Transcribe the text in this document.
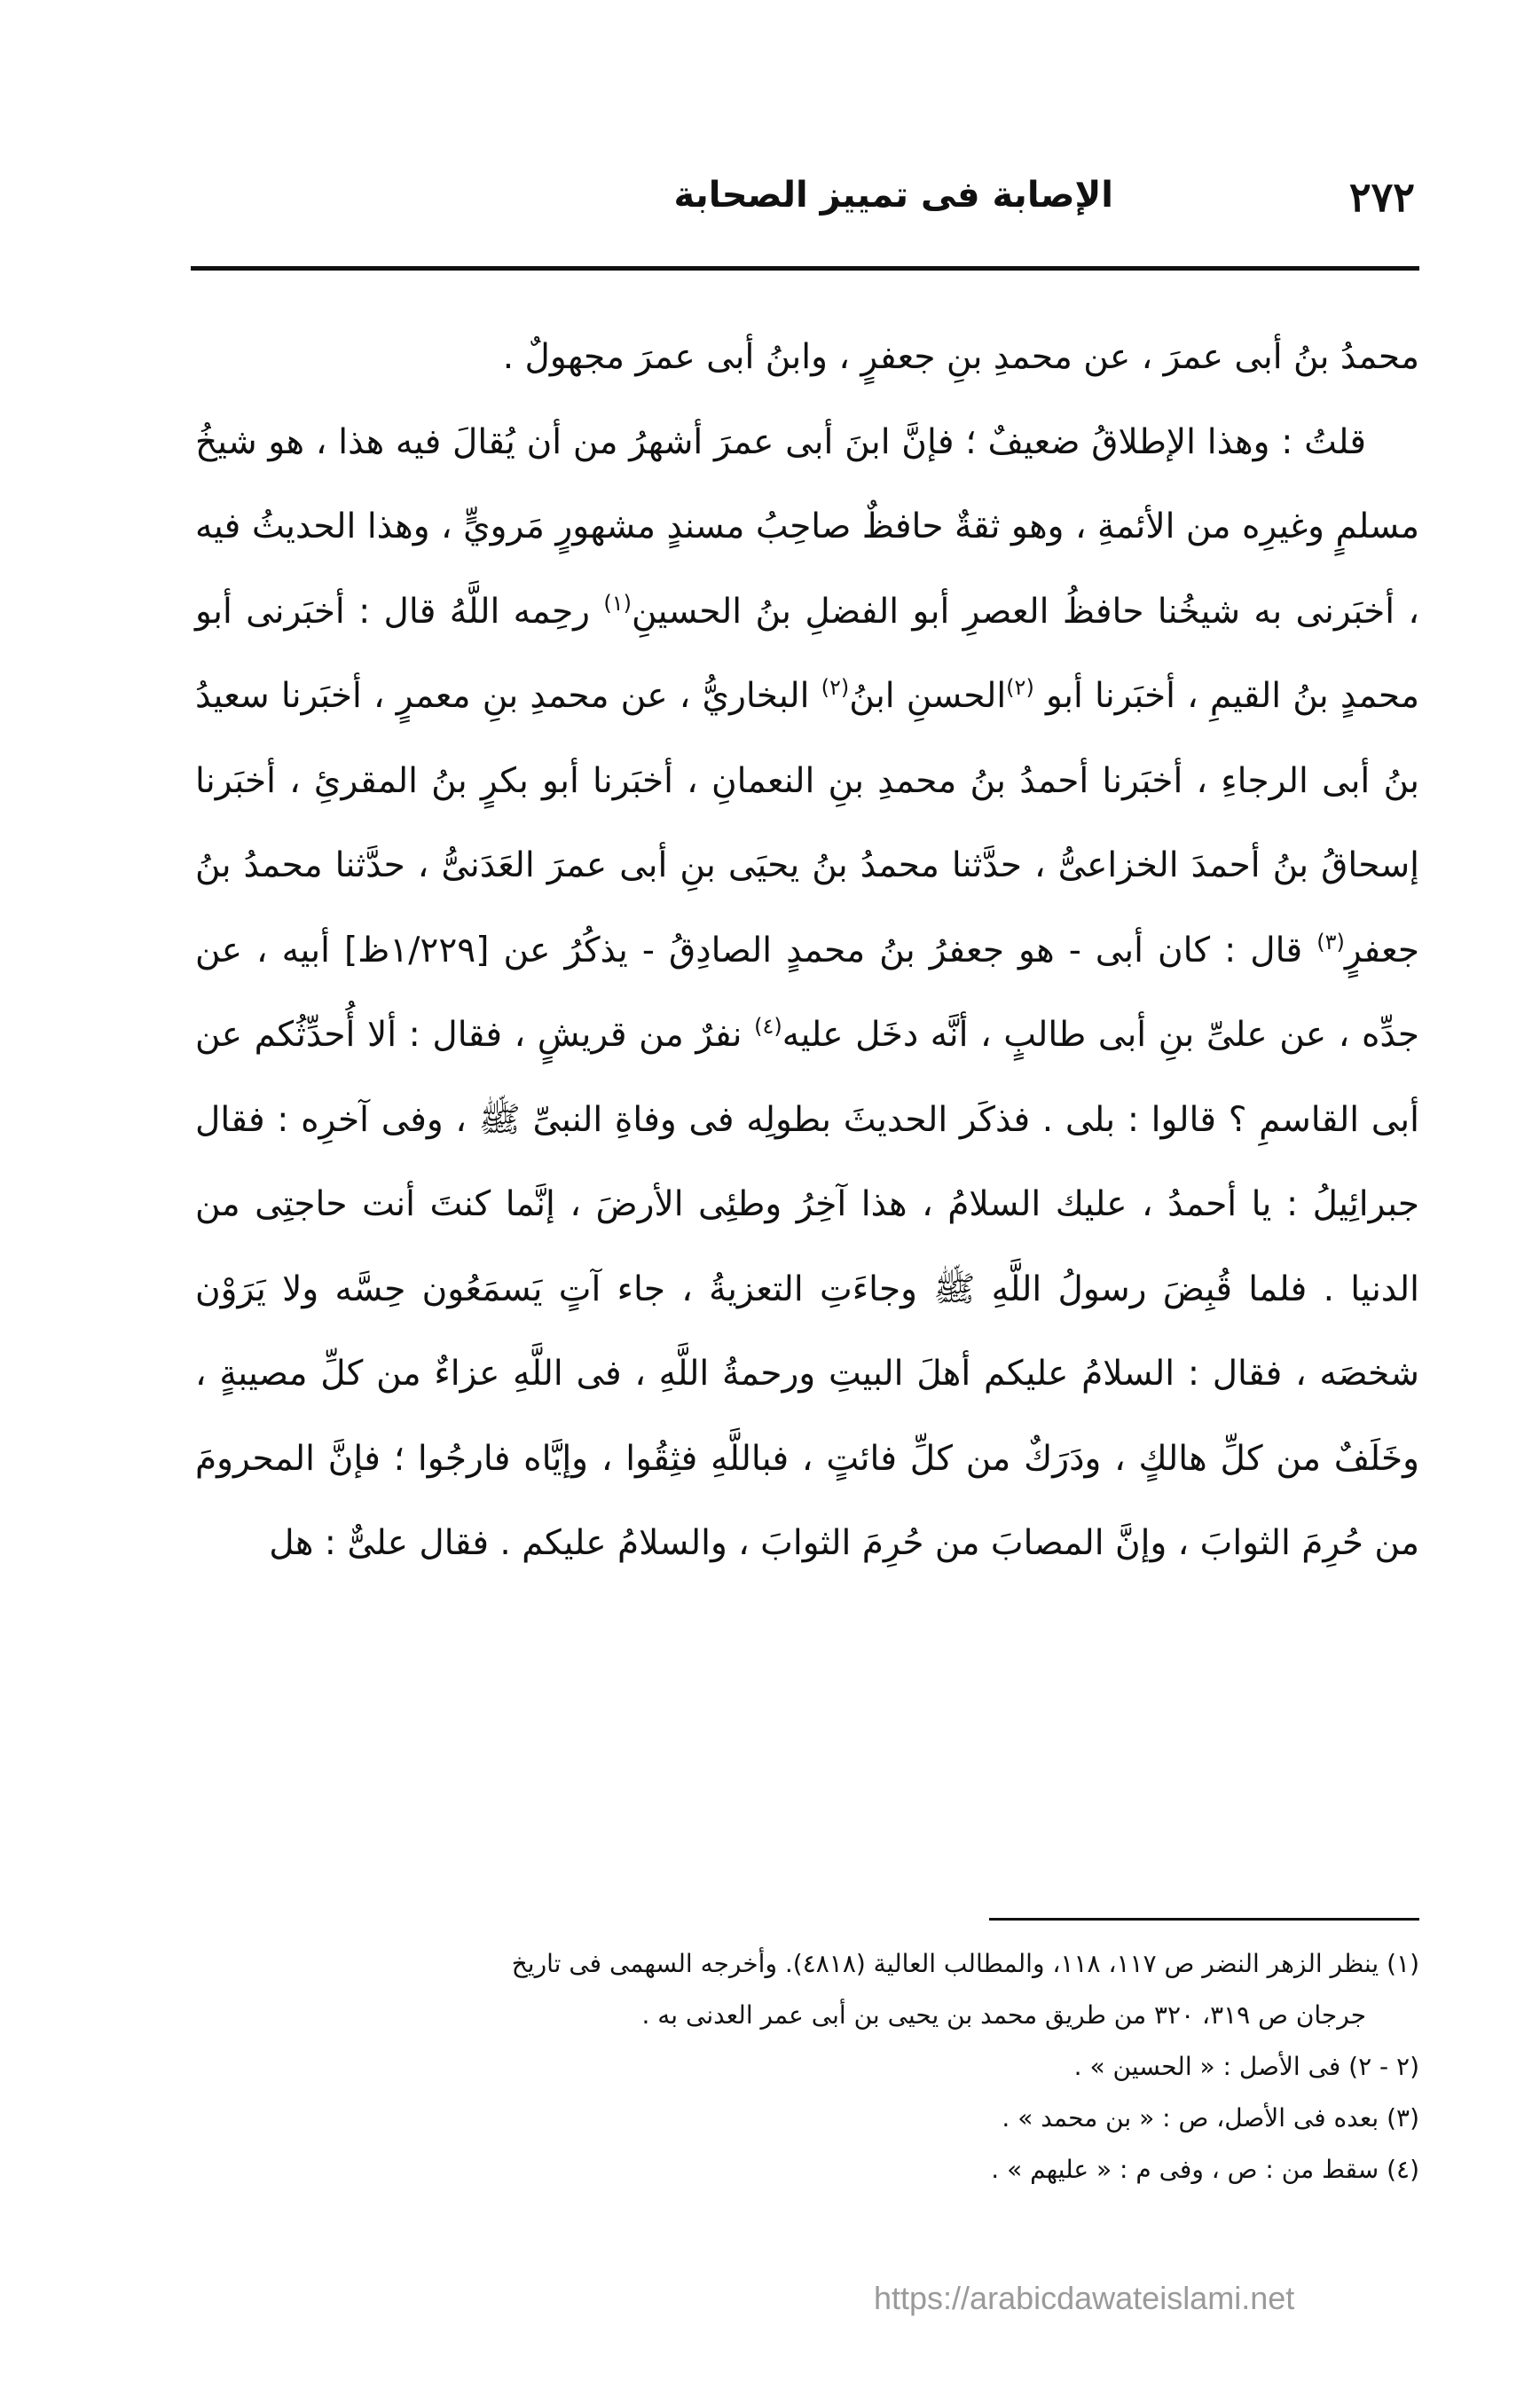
٢٧٢
الإصابة فى تمييز الصحابة

محمدُ بنُ أبى عمرَ ، عن محمدِ بنِ جعفرٍ ، وابنُ أبى عمرَ مجهولٌ .

قلتُ : وهذا الإطلاقُ ضعيفٌ ؛ فإنَّ ابنَ أبى عمرَ أشهرُ من أن يُقالَ فيه هذا ، هو شيخُ مسلمٍ وغيرِه من الأئمةِ ، وهو ثقةٌ حافظٌ صاحِبُ مسندٍ مشهورٍ مَرويٍّ ، وهذا الحديثُ فيه ، أخبَرنى به شيخُنا حافظُ العصرِ أبو الفضلِ بنُ الحسينِ$^{(١)}$ رحِمه اللَّهُ قال : أخبَرنى أبو محمدٍ بنُ القيمِ ، أخبَرنا أبو $^{(٢)}$الحسنِ ابنُ$^{(٢)}$ البخاريُّ ، عن محمدِ بنِ معمرٍ ، أخبَرنا سعيدُ بنُ أبى الرجاءِ ، أخبَرنا أحمدُ بنُ محمدِ بنِ النعمانِ ، أخبَرنا أبو بكرٍ بنُ المقرئِ ، أخبَرنا إسحاقُ بنُ أحمدَ الخزاعىُّ ، حدَّثنا محمدُ بنُ يحيَى بنِ أبى عمرَ العَدَنىُّ ، حدَّثنا محمدُ بنُ جعفرٍ$^{(٣)}$ قال : كان أبى - هو جعفرُ بنُ محمدٍ الصادِقُ - يذكُرُ عن [١/٢٢٩ظ] أبيه ، عن جدِّه ، عن علىِّ بنِ أبى طالبٍ ، أنَّه دخَل عليه$^{(٤)}$ نفرٌ من قريشٍ ، فقال : ألا أُحدِّثُكم عن أبى القاسمِ ؟ قالوا : بلى . فذكَر الحديثَ بطولِه فى وفاةِ النبىِّ ﷺ ، وفى آخرِه : فقال جبرائِيلُ : يا أحمدُ ، عليك السلامُ ، هذا آخِرُ وطئِى الأرضَ ، إنَّما كنتَ أنت حاجتِى من الدنيا . فلما قُبِضَ رسولُ اللَّهِ ﷺ وجاءَتِ التعزيةُ ، جاء آتٍ يَسمَعُون حِسَّه ولا يَرَوْن شخصَه ، فقال : السلامُ عليكم أهلَ البيتِ ورحمةُ اللَّهِ ، فى اللَّهِ عزاءٌ من كلِّ مصيبةٍ ، وخَلَفٌ من كلِّ هالكٍ ، ودَرَكٌ من كلِّ فائتٍ ، فباللَّهِ فثِقُوا ، وإيَّاه فارجُوا ؛ فإنَّ المحرومَ من حُرِمَ الثوابَ ، وإنَّ المصابَ من حُرِمَ الثوابَ ، والسلامُ عليكم . فقال علىٌّ : هل

(١) ينظر الزهر النضر ص ١١٧، ١١٨، والمطالب العالية (٤٨١٨). وأخرجه السهمى فى تاريخ

جرجان ص ٣١٩، ٣٢٠ من طريق محمد بن يحيى بن أبى عمر العدنى به .

(٢ - ٢) فى الأصل : « الحسين » .

(٣) بعده فى الأصل، ص : « بن محمد » .

(٤) سقط من : ص ، وفى م : « عليهم » .

https://arabicdawateislami.net
